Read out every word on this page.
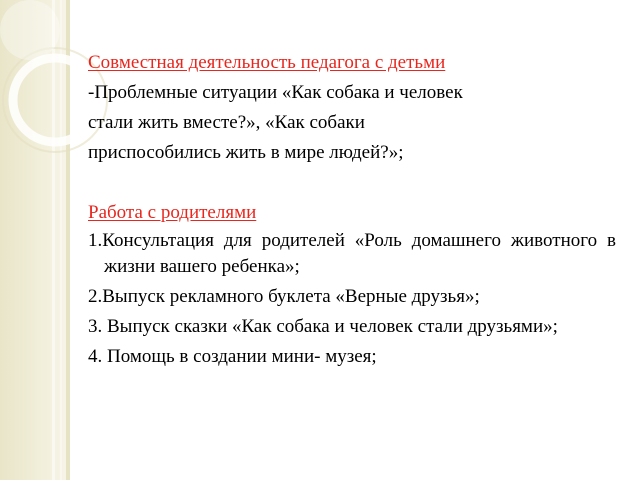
Совместная деятельность педагога с детьми
-Проблемные ситуации «Как собака и человек
стали жить вместе?», «Как собаки
приспособились жить в мире людей?»;
Работа с родителями
1.Консультация для родителей «Роль домашнего животного в жизни вашего ребенка»;
2.Выпуск рекламного буклета «Верные друзья»;
3. Выпуск сказки «Как собака и человек стали друзьями»;
4. Помощь в создании мини- музея;
